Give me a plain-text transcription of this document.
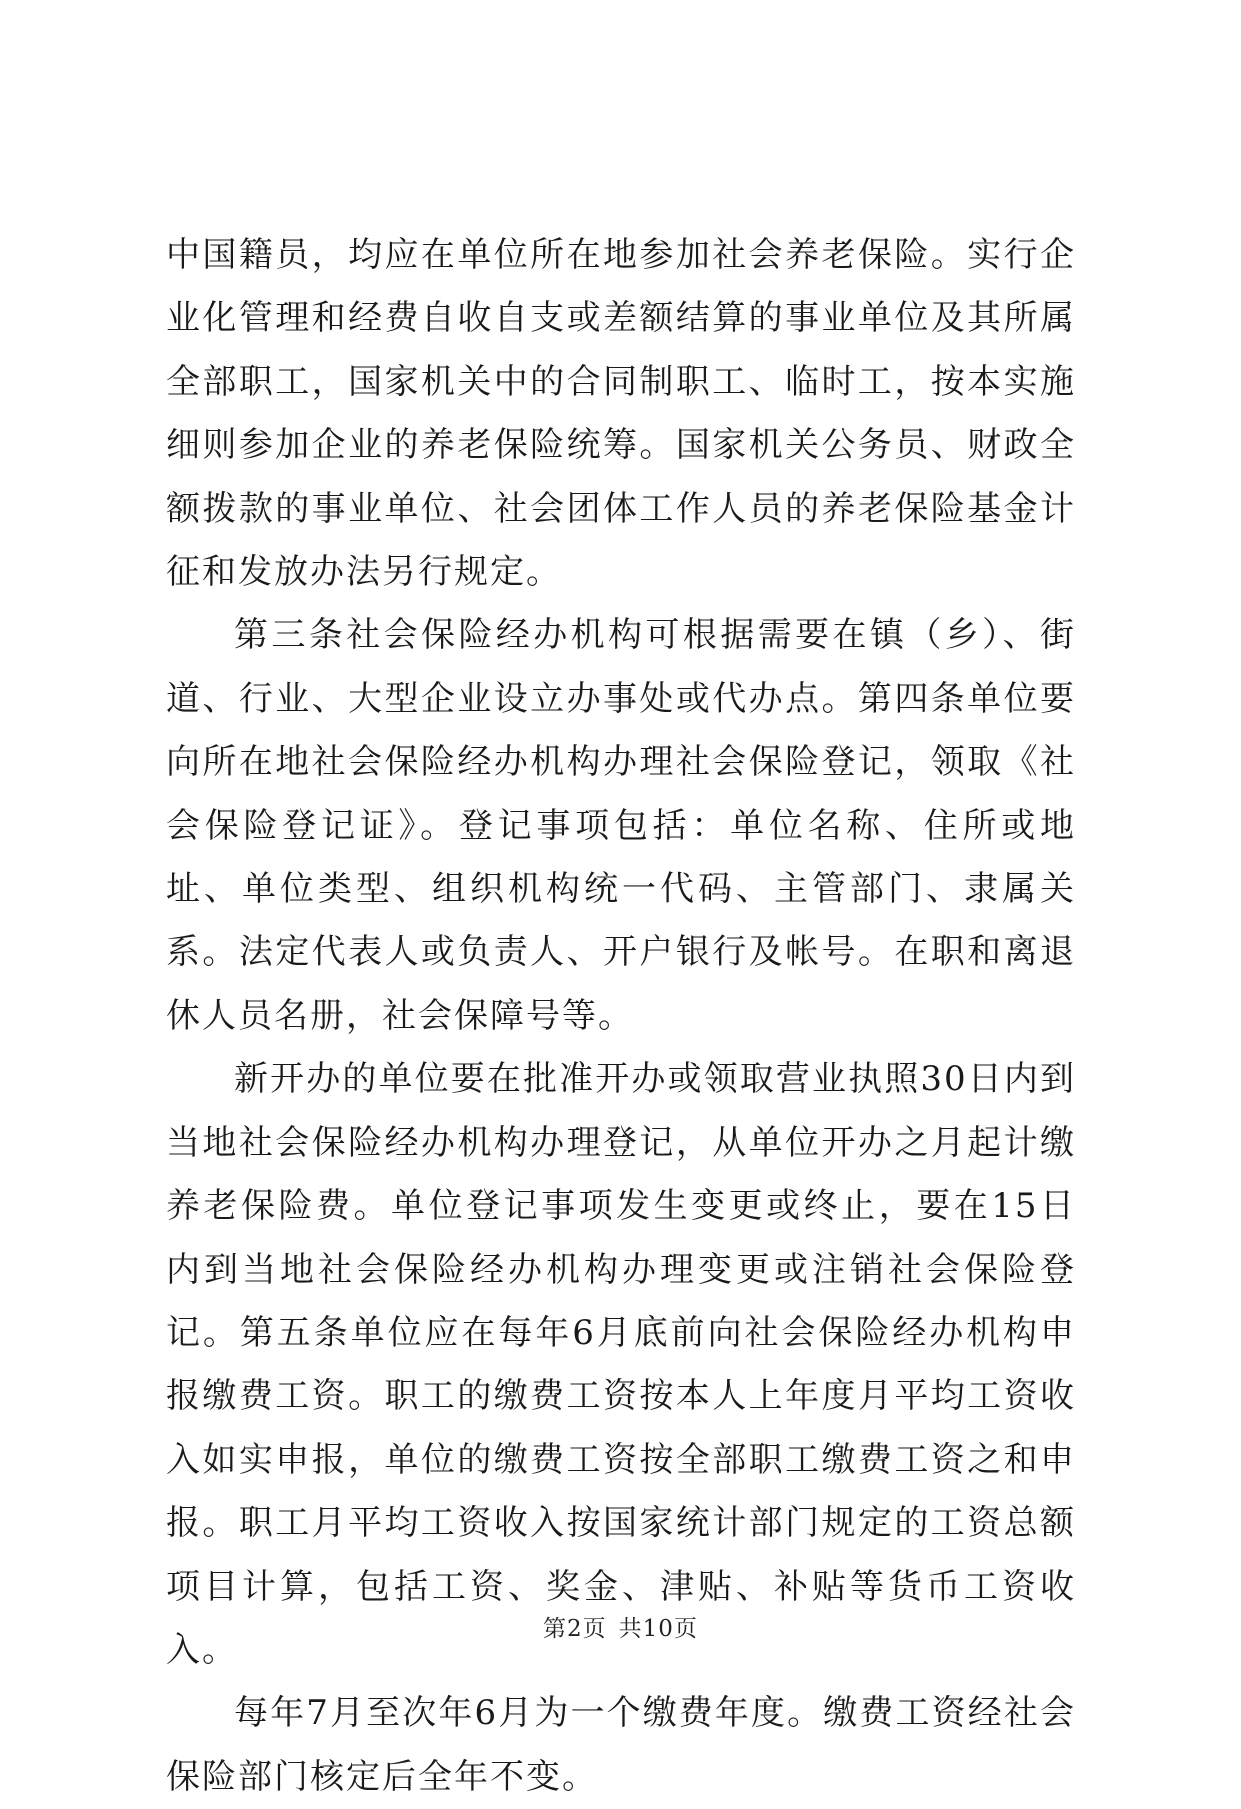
中国籍员，均应在单位所在地参加社会养老保险。实行企业化管理和经费自收自支或差额结算的事业单位及其所属全部职工，国家机关中的合同制职工、临时工，按本实施细则参加企业的养老保险统筹。国家机关公务员、财政全额拨款的事业单位、社会团体工作人员的养老保险基金计征和发放办法另行规定。

第三条社会保险经办机构可根据需要在镇（乡）、街道、行业、大型企业设立办事处或代办点。第四条单位要向所在地社会保险经办机构办理社会保险登记，领取《社会保险登记证》。登记事项包括：单位名称、住所或地址、单位类型、组织机构统一代码、主管部门、隶属关系。法定代表人或负责人、开户银行及帐号。在职和离退休人员名册，社会保障号等。

新开办的单位要在批准开办或领取营业执照30日内到当地社会保险经办机构办理登记，从单位开办之月起计缴养老保险费。单位登记事项发生变更或终止，要在15日内到当地社会保险经办机构办理变更或注销社会保险登记。第五条单位应在每年6月底前向社会保险经办机构申报缴费工资。职工的缴费工资按本人上年度月平均工资收入如实申报，单位的缴费工资按全部职工缴费工资之和申报。职工月平均工资收入按国家统计部门规定的工资总额项目计算，包括工资、奖金、津贴、补贴等货币工资收入。

每年7月至次年6月为一个缴费年度。缴费工资经社会保险部门核定后全年不变。

第2页 共10页
